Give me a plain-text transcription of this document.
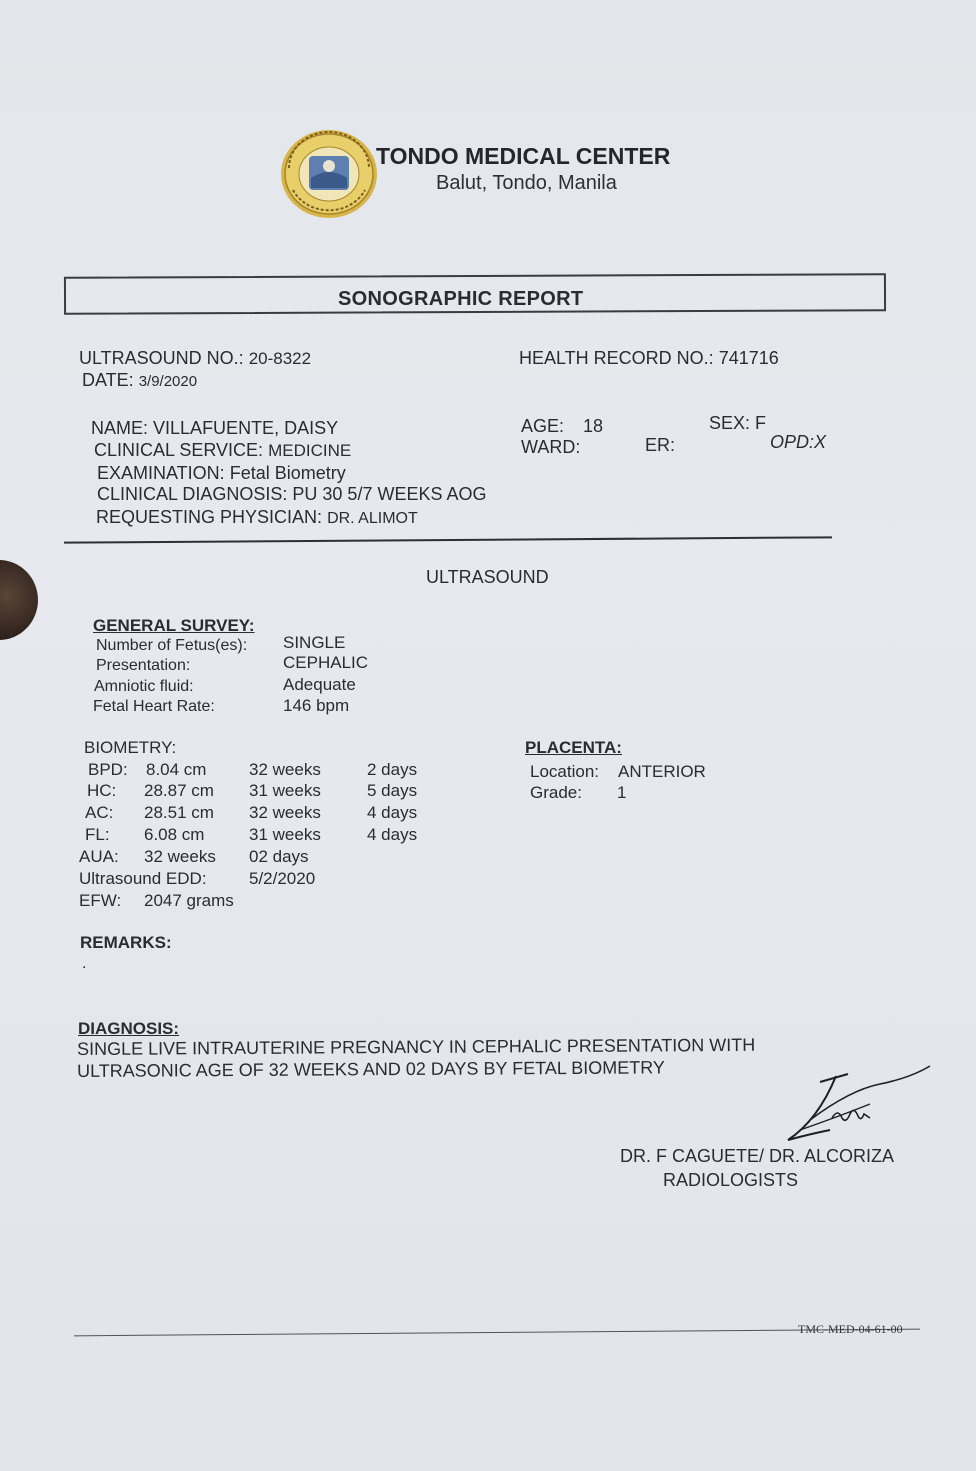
TONDO MEDICAL CENTER
Balut, Tondo, Manila
SONOGRAPHIC REPORT
ULTRASOUND NO.: 20-8322
DATE: 3/9/2020
HEALTH RECORD NO.: 741716
NAME: VILLAFUENTE, DAISY	AGE: 18	SEX: F
CLINICAL SERVICE: MEDICINE	WARD:	ER:	OPD:X
EXAMINATION: Fetal Biometry
CLINICAL DIAGNOSIS: PU 30 5/7 WEEKS AOG
REQUESTING PHYSICIAN: DR. ALIMOT
ULTRASOUND
GENERAL SURVEY:
Number of Fetus(es): SINGLE
Presentation:	CEPHALIC
Amniotic fluid:	Adequate
Fetal Heart Rate:	146 bpm
BIOMETRY:
BPD: 8.04 cm	32 weeks	2 days
HC: 28.87 cm 31 weeks	5 days
AC: 28.51 cm 32 weeks	4 days
FL: 6.08 cm	31 weeks	4 days
AUA: 32 weeks 02 days
Ultrasound EDD: 5/2/2020
EFW: 2047 grams
PLACENTA:
Location: ANTERIOR
Grade: 1
REMARKS:
.
DIAGNOSIS:
SINGLE LIVE INTRAUTERINE PREGNANCY IN CEPHALIC PRESENTATION WITH
ULTRASONIC AGE OF 32 WEEKS AND 02 DAYS BY FETAL BIOMETRY
DR. F CAGUETE/ DR. ALCORIZA
RADIOLOGISTS
TMC-MED-04-61-00
